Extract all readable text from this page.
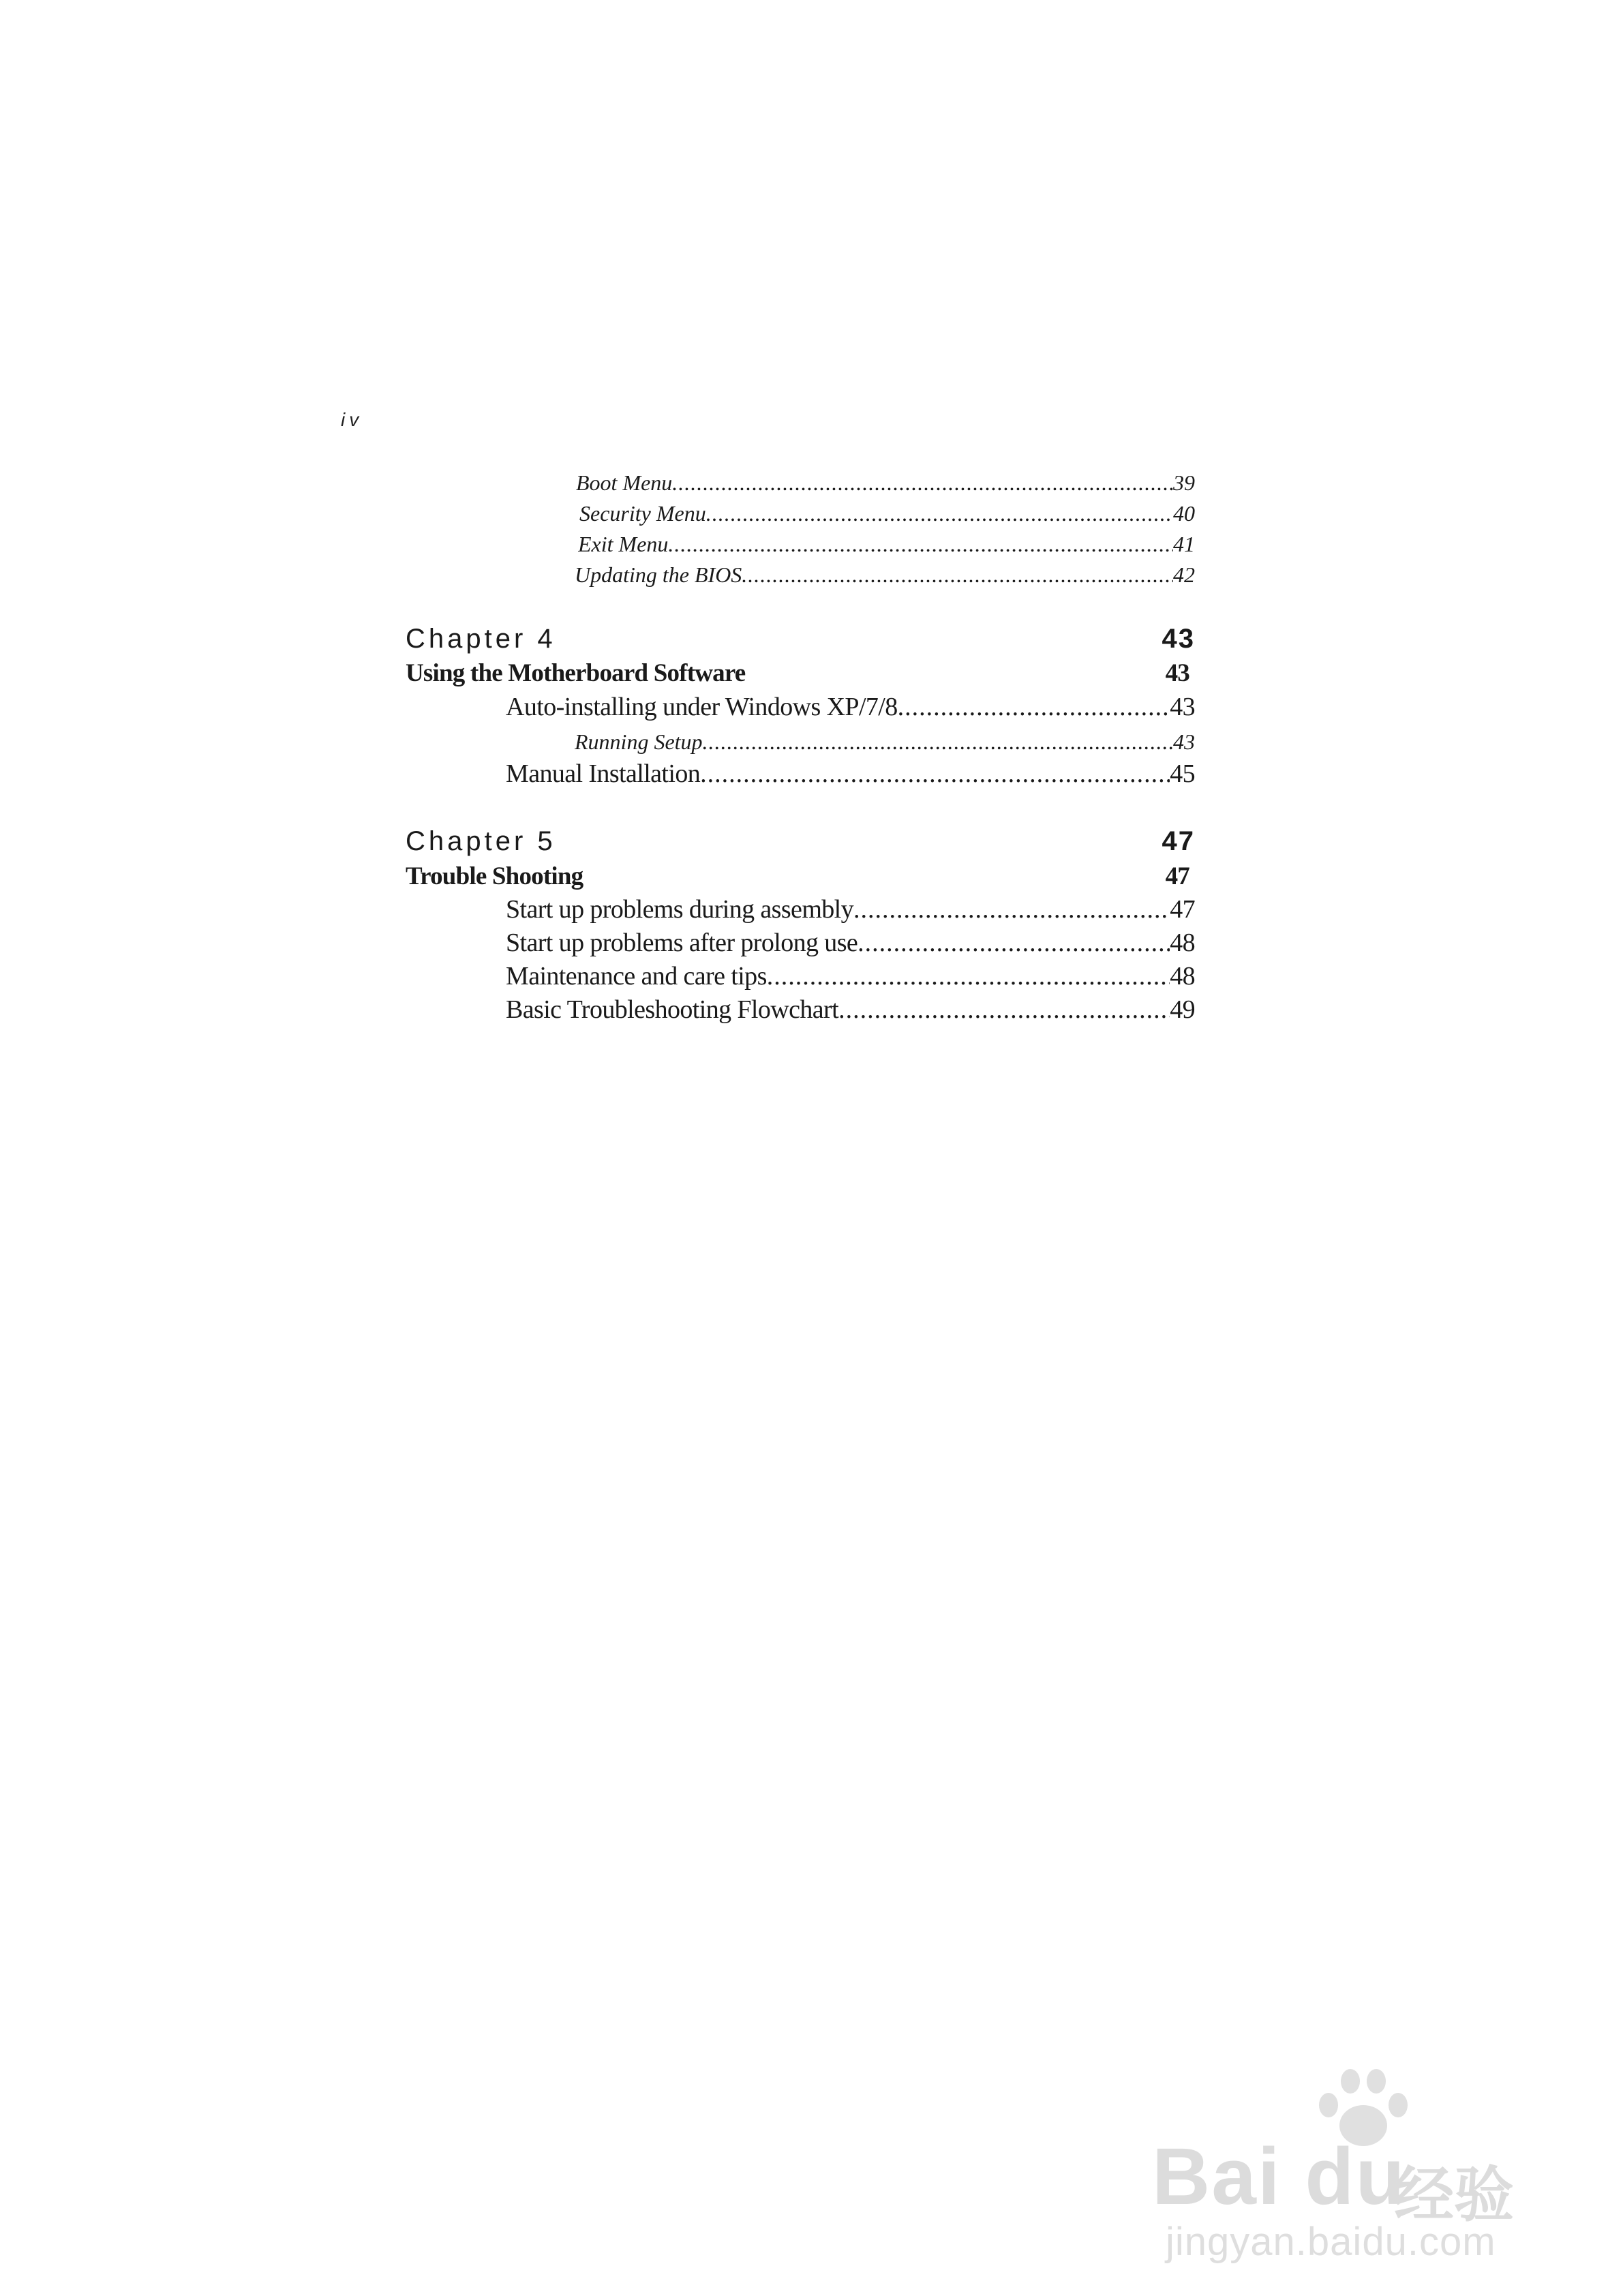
iv
Boot Menu .....	39
Security Menu .....	40
Exit Menu .....	41
Updating the BIOS .....	42
Chapter 4	43
Using the Motherboard Software	43
Auto-installing under Windows XP/7/8 .....	43
Running Setup .....	43
Manual Installation .....	45
Chapter 5	47
Trouble Shooting	47
Start up problems during assembly .....	47
Start up problems after prolong use .....	48
Maintenance and care tips .....	48
Basic Troubleshooting Flowchart .....	49
Bai du
经验
jingyan.baidu.com
